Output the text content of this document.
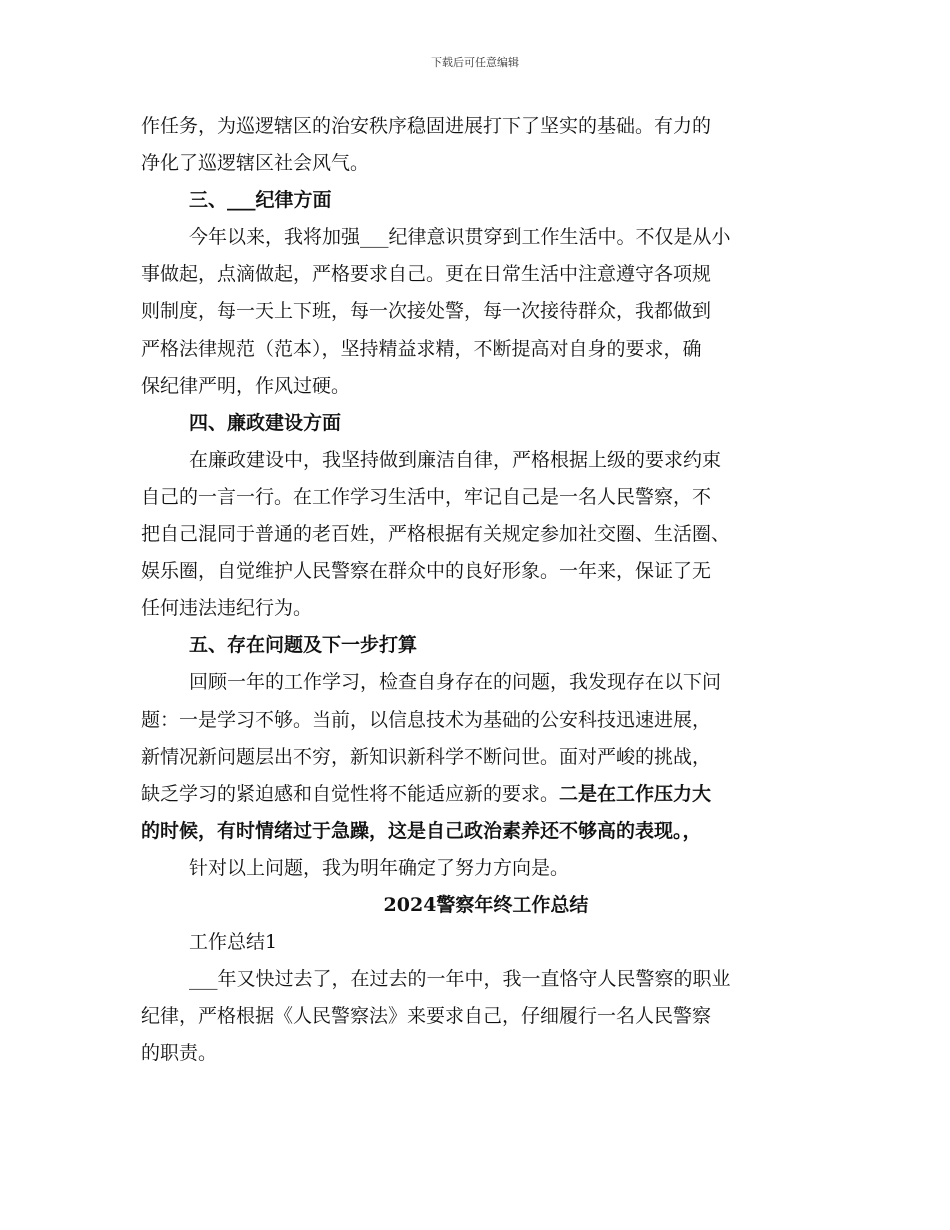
下载后可任意编辑
作任务，为巡逻辖区的治安秩序稳固进展打下了坚实的基础。有力的
净化了巡逻辖区社会风气。
三、___纪律方面
今年以来，我将加强___纪律意识贯穿到工作生活中。不仅是从小
事做起，点滴做起，严格要求自己。更在日常生活中注意遵守各项规
则制度，每一天上下班，每一次接处警，每一次接待群众，我都做到
严格法律规范（范本），坚持精益求精，不断提高对自身的要求，确
保纪律严明，作风过硬。
四、廉政建设方面
在廉政建设中，我坚持做到廉洁自律，严格根据上级的要求约束
自己的一言一行。在工作学习生活中，牢记自己是一名人民警察，不
把自己混同于普通的老百姓，严格根据有关规定参加社交圈、生活圈、
娱乐圈，自觉维护人民警察在群众中的良好形象。一年来，保证了无
任何违法违纪行为。
五、存在问题及下一步打算
回顾一年的工作学习，检查自身存在的问题，我发现存在以下问
题：一是学习不够。当前，以信息技术为基础的公安科技迅速进展，
新情况新问题层出不穷，新知识新科学不断问世。面对严峻的挑战，
缺乏学习的紧迫感和自觉性将不能适应新的要求。二是在工作压力大
的时候，有时情绪过于急躁，这是自己政治素养还不够高的表现。，
针对以上问题，我为明年确定了努力方向是。
2024警察年终工作总结
工作总结1
___年又快过去了，在过去的一年中，我一直恪守人民警察的职业
纪律，严格根据《人民警察法》来要求自己，仔细履行一名人民警察
的职责。
